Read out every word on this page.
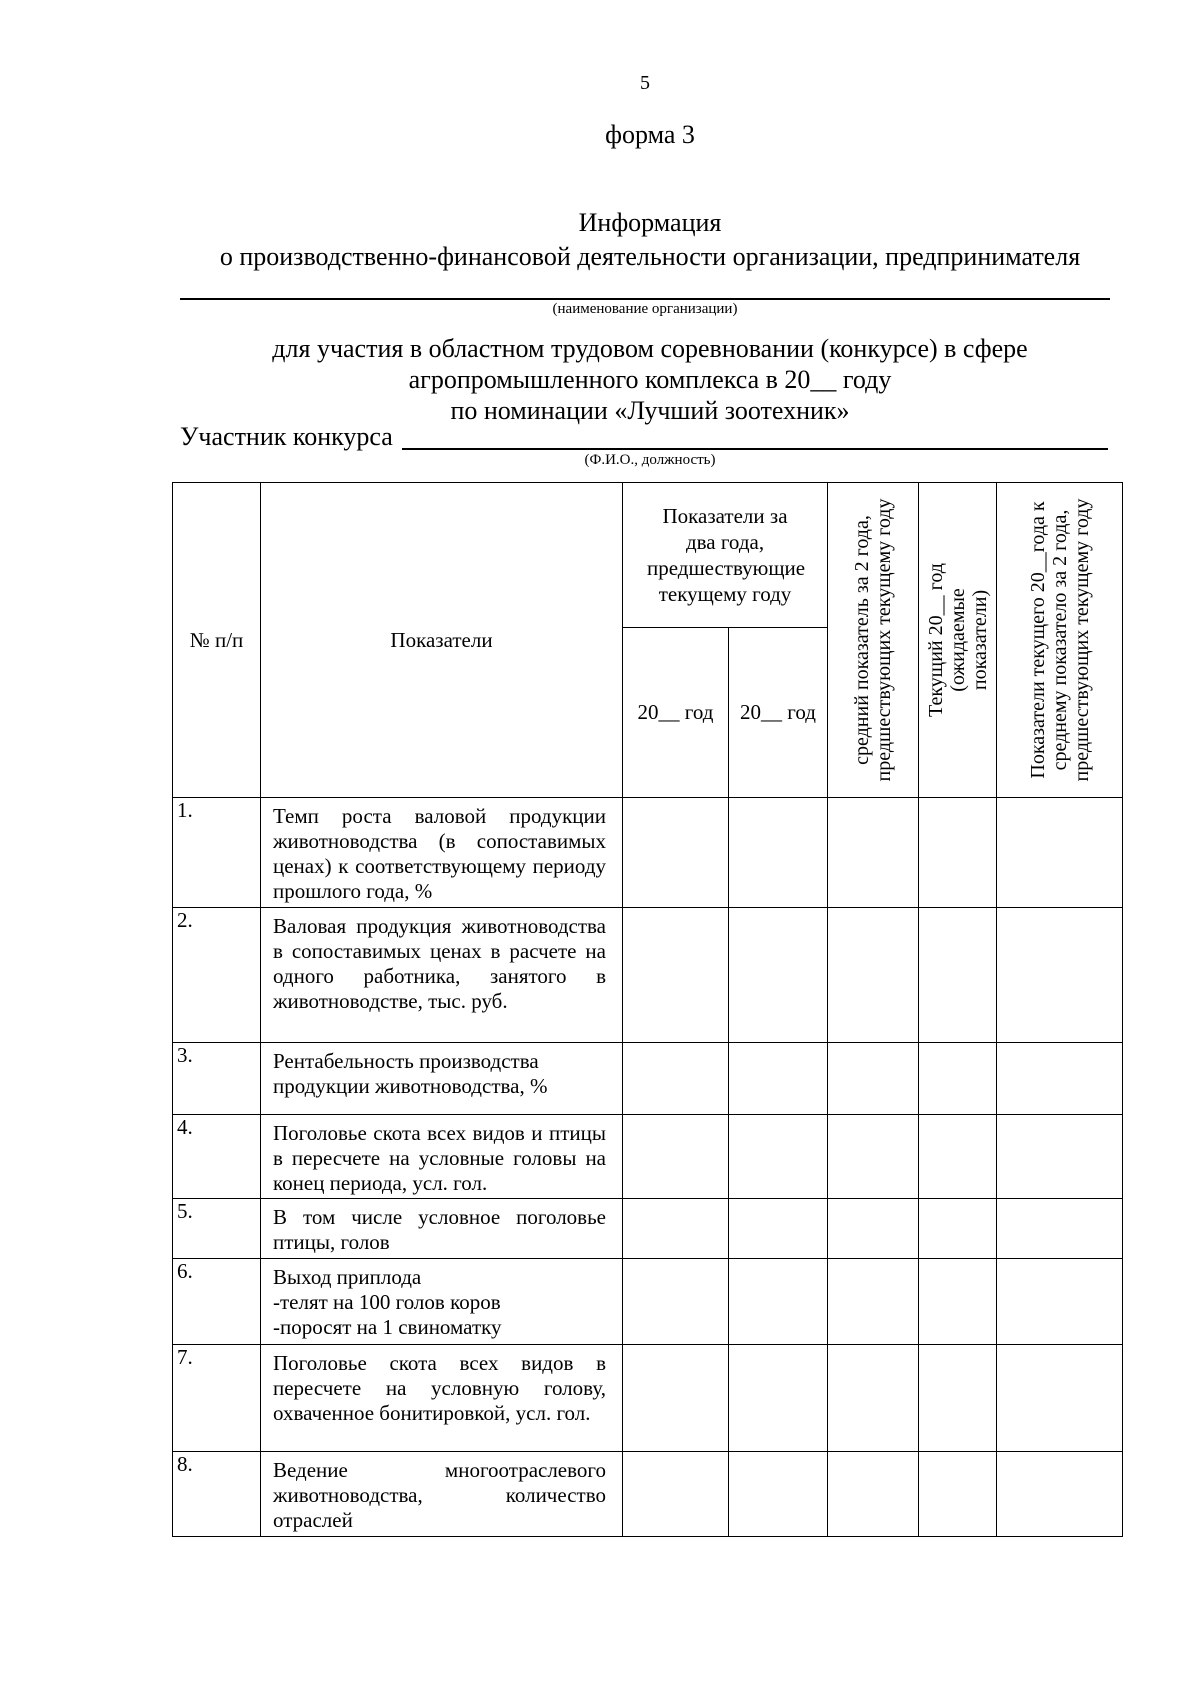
5
форма 3
Информация
о производственно-финансовой деятельности организации, предпринимателя
(наименование организации)
для участия в областном трудовом соревновании (конкурсе) в сфере
агропромышленного комплекса в 20__ году
по номинации «Лучший зоотехник»
Участник конкурса
(Ф.И.О., должность)
№ п/п	Показатели	Показатели за два года, предшествующие текущему году		средний показатель за 2 года, предшествующих текущему году	Текущий 20__ год (ожидаемые показатели)	Показатели текущего 20__года к среднему показатело за 2 года, предшествующих текущему году

		20__ год	20__ год			
1.	Темп роста валовой продукции животноводства (в сопоставимых ценах) к соответствующему периоду прошлого года, %					
2.	Валовая продукция животноводства в сопоставимых ценах в расчете на одного работника, занятого в животноводстве, тыс. руб.					
3.	Рентабельность производства продукции животноводства, %					
4.	Поголовье скота всех видов и птицы в пересчете на условные головы на конец периода, усл. гол.					
5.	В том числе условное поголовье птицы, голов					
6.	Выход приплода
-телят на 100 голов коров
-поросят на 1 свиноматку					

7.	Поголовье скота всех видов в пересчете на условную голову, охваченное бонитировкой, усл. гол.					
8.	Ведение многоотраслевого животноводства, количество отраслей					
